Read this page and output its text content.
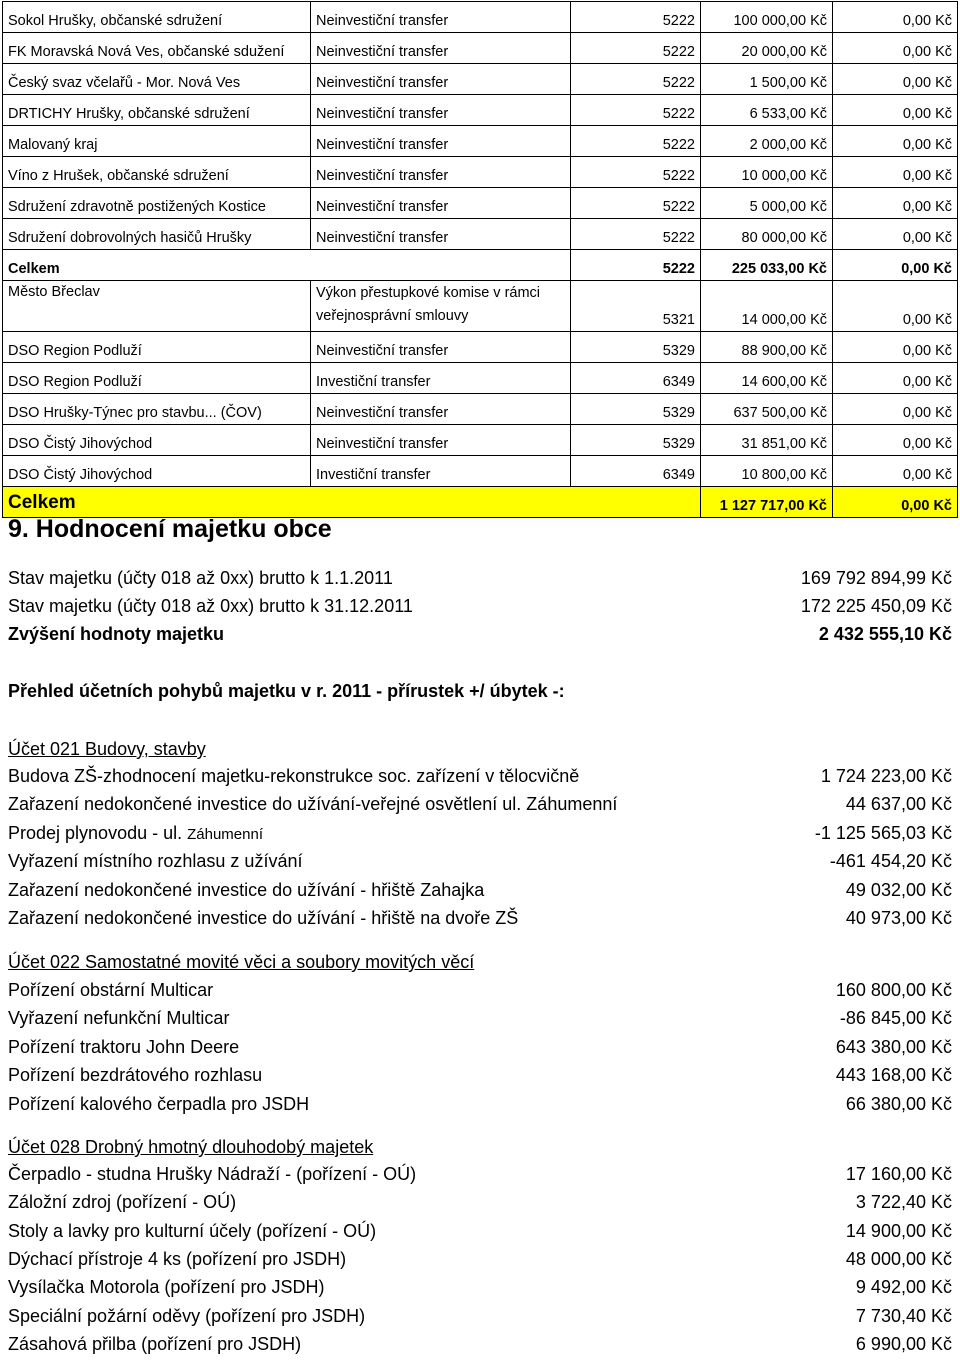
Sokol Hrušky, občanské sdružení	Neinvestiční transfer	5222	100 000,00 Kč	0,00 Kč
FK Moravská Nová Ves, občanské sdužení	Neinvestiční transfer	5222	20 000,00 Kč	0,00 Kč
Český svaz včelařů - Mor. Nová Ves	Neinvestiční transfer	5222	1 500,00 Kč	0,00 Kč
DRTICHY Hrušky, občanské sdružení	Neinvestiční transfer	5222	6 533,00 Kč	0,00 Kč
Malovaný kraj	Neinvestiční transfer	5222	2 000,00 Kč	0,00 Kč
Víno z Hrušek, občanské sdružení	Neinvestiční transfer	5222	10 000,00 Kč	0,00 Kč
Sdružení zdravotně postižených Kostice	Neinvestiční transfer	5222	5 000,00 Kč	0,00 Kč
Sdružení dobrovolných hasičů Hrušky	Neinvestiční transfer	5222	80 000,00 Kč	0,00 Kč
Celkem		5222	225 033,00 Kč	0,00 Kč
Město Břeclav	Výkon přestupkové komise v rámci
veřejnosprávní smlouvy	5321	14 000,00 Kč	0,00 Kč
DSO Region Podluží	Neinvestiční transfer	5329	88 900,00 Kč	0,00 Kč
DSO Region Podluží	Investiční transfer	6349	14 600,00 Kč	0,00 Kč
DSO Hrušky-Týnec pro stavbu... (ČOV)	Neinvestiční transfer	5329	637 500,00 Kč	0,00 Kč
DSO Čistý Jihovýchod	Neinvestiční transfer	5329	31 851,00 Kč	0,00 Kč
DSO Čistý Jihovýchod	Investiční transfer	6349	10 800,00 Kč	0,00 Kč
Celkem			1 127 717,00 Kč	0,00 Kč
9. Hodnocení majetku obce
Stav majetku (účty 018 až 0xx) brutto k 1.1.2011	169 792 894,99 Kč
Stav majetku (účty 018 až 0xx) brutto k 31.12.2011	172 225 450,09 Kč
Zvýšení hodnoty majetku	2 432 555,10 Kč
Přehled účetních pohybů majetku v r. 2011 - přírustek +/ úbytek -:
Účet 021 Budovy, stavby
Budova ZŠ-zhodnocení majetku-rekonstrukce soc. zařízení v tělocvičně	1 724 223,00 Kč
Zařazení nedokončené investice do užívání-veřejné osvětlení ul. Záhumenní	44 637,00 Kč
Prodej plynovodu - ul. Záhumenní	-1 125 565,03 Kč
Vyřazení místního rozhlasu z užívání	-461 454,20 Kč
Zařazení nedokončené investice do užívání - hřiště Zahajka	49 032,00 Kč
Zařazení nedokončené investice do užívání - hřiště na dvoře ZŠ	40 973,00 Kč
Účet 022 Samostatné movité věci a soubory movitých věcí
Pořízení obstární Multicar	160 800,00 Kč
Vyřazení nefunkční Multicar	-86 845,00 Kč
Pořízení traktoru John Deere	643 380,00 Kč
Pořízení bezdrátového rozhlasu	443 168,00 Kč
Pořízení kalového čerpadla pro JSDH	66 380,00 Kč
Účet 028 Drobný hmotný dlouhodobý majetek
Čerpadlo - studna Hrušky Nádraží - (pořízení - OÚ)	17 160,00 Kč
Záložní zdroj (pořízení - OÚ)	3 722,40 Kč
Stoly a lavky pro kulturní účely (pořízení - OÚ)	14 900,00 Kč
Dýchací přístroje 4 ks (pořízení pro JSDH)	48 000,00 Kč
Vysílačka Motorola (pořízení pro JSDH)	9 492,00 Kč
Speciální požární oděvy (pořízení pro JSDH)	7 730,40 Kč
Zásahová přilba (pořízení pro JSDH)	6 990,00 Kč
